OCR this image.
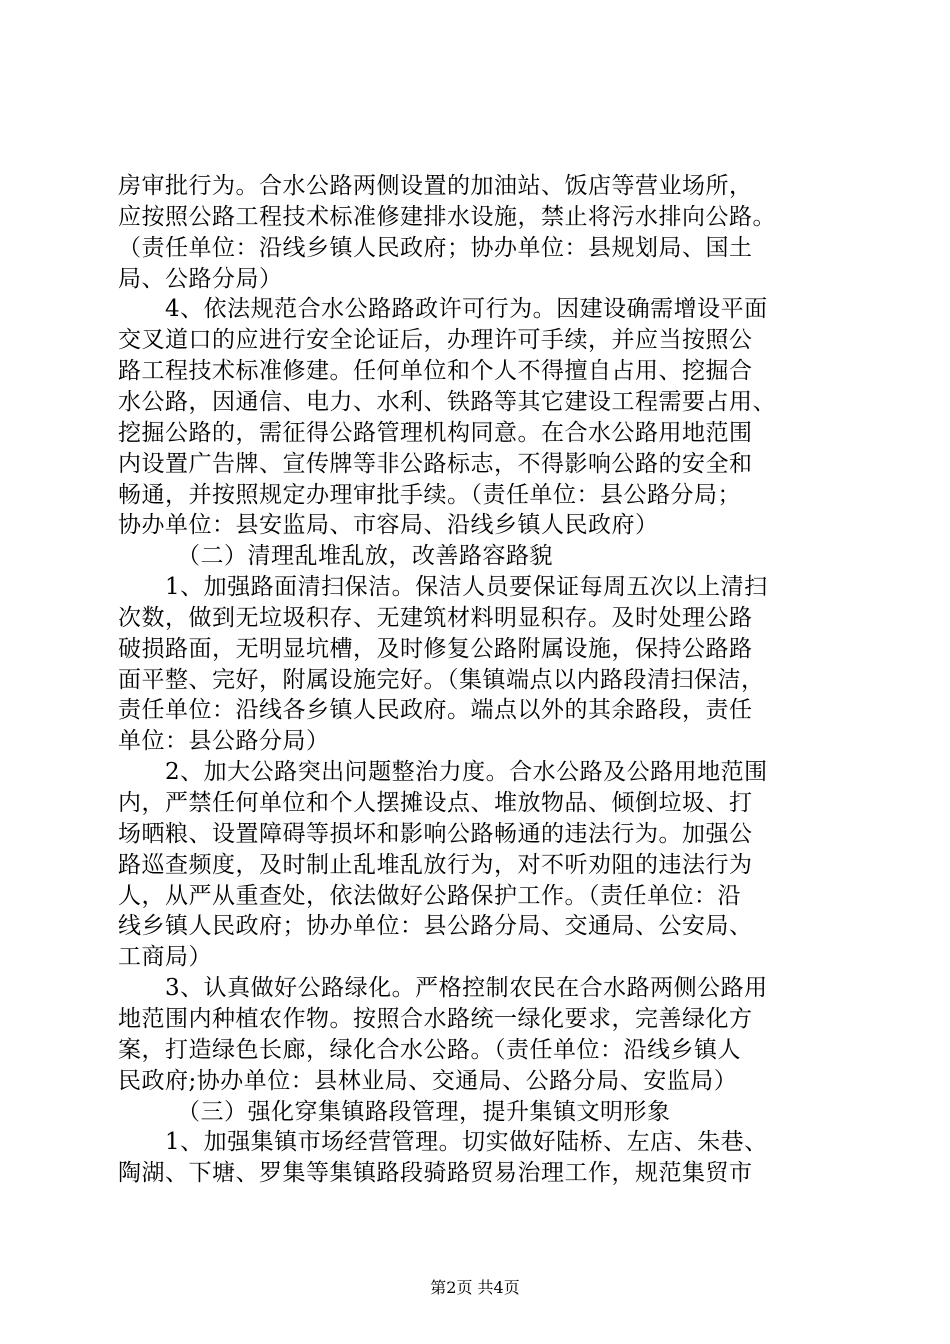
房审批行为。合水公路两侧设置的加油站、饭店等营业场所，
应按照公路工程技术标准修建排水设施，禁止将污水排向公路。
（责任单位：沿线乡镇人民政府；协办单位：县规划局、国土
局、公路分局）
　　4、依法规范合水公路路政许可行为。因建设确需增设平面
交叉道口的应进行安全论证后，办理许可手续，并应当按照公
路工程技术标准修建。任何单位和个人不得擅自占用、挖掘合
水公路，因通信、电力、水利、铁路等其它建设工程需要占用、
挖掘公路的，需征得公路管理机构同意。在合水公路用地范围
内设置广告牌、宣传牌等非公路标志，不得影响公路的安全和
畅通，并按照规定办理审批手续。（责任单位：县公路分局；
协办单位：县安监局、市容局、沿线乡镇人民政府）
　　　（二）清理乱堆乱放，改善路容路貌
　　1、加强路面清扫保洁。保洁人员要保证每周五次以上清扫
次数，做到无垃圾积存、无建筑材料明显积存。及时处理公路
破损路面，无明显坑槽，及时修复公路附属设施，保持公路路
面平整、完好，附属设施完好。（集镇端点以内路段清扫保洁，
责任单位：沿线各乡镇人民政府。端点以外的其余路段，责任
单位：县公路分局）
　　2、加大公路突出问题整治力度。合水公路及公路用地范围
内，严禁任何单位和个人摆摊设点、堆放物品、倾倒垃圾、打
场晒粮、设置障碍等损坏和影响公路畅通的违法行为。加强公
路巡查频度，及时制止乱堆乱放行为，对不听劝阻的违法行为
人，从严从重查处，依法做好公路保护工作。（责任单位：沿
线乡镇人民政府；协办单位：县公路分局、交通局、公安局、
工商局）
　　3、认真做好公路绿化。严格控制农民在合水路两侧公路用
地范围内种植农作物。按照合水路统一绿化要求，完善绿化方
案，打造绿色长廊，绿化合水公路。（责任单位：沿线乡镇人
民政府;协办单位：县林业局、交通局、公路分局、安监局）
　　　（三）强化穿集镇路段管理，提升集镇文明形象
　　1、加强集镇市场经营管理。切实做好陆桥、左店、朱巷、
陶湖、下塘、罗集等集镇路段骑路贸易治理工作，规范集贸市
第2页 共4页
